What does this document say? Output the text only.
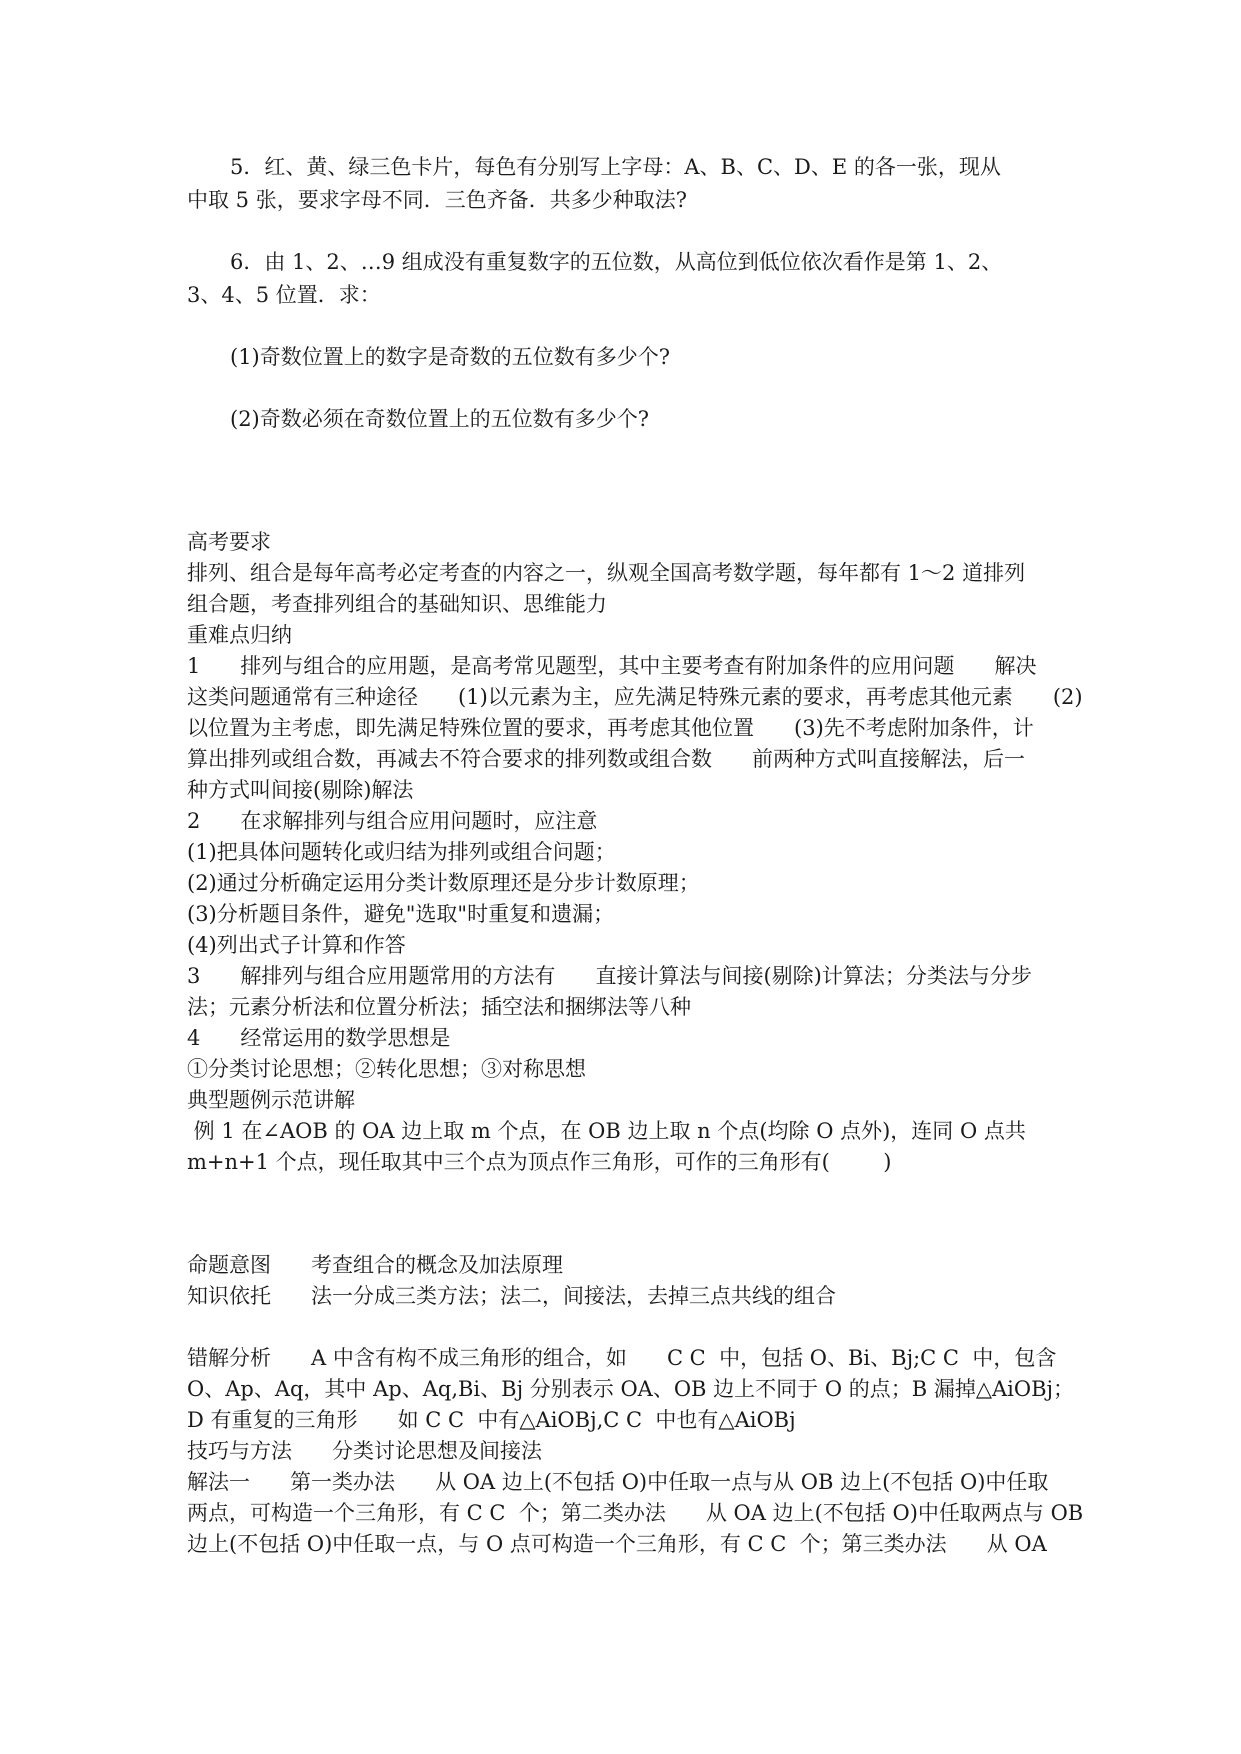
5．红、黄、绿三色卡片，每色有分别写上字母：A、B、C、D、E 的各一张，现从

中取 5 张，要求字母不同．三色齐备．共多少种取法?

6．由 1、2、…9 组成没有重复数字的五位数，从高位到低位依次看作是第 1、2、

3、4、5 位置．求：

(1)奇数位置上的数字是奇数的五位数有多少个?

(2)奇数必须在奇数位置上的五位数有多少个?

高考要求

排列、组合是每年高考必定考查的内容之一，纵观全国高考数学题，每年都有 1～2 道排列

组合题，考查排列组合的基础知识、思维能力

重难点归纳

1      排列与组合的应用题，是高考常见题型，其中主要考查有附加条件的应用问题      解决

这类问题通常有三种途径      (1)以元素为主，应先满足特殊元素的要求，再考虑其他元素      (2)

以位置为主考虑，即先满足特殊位置的要求，再考虑其他位置      (3)先不考虑附加条件，计

算出排列或组合数，再减去不符合要求的排列数或组合数      前两种方式叫直接解法，后一

种方式叫间接(剔除)解法

2      在求解排列与组合应用问题时，应注意

(1)把具体问题转化或归结为排列或组合问题；

(2)通过分析确定运用分类计数原理还是分步计数原理；

(3)分析题目条件，避免"选取"时重复和遗漏；

(4)列出式子计算和作答

3      解排列与组合应用题常用的方法有      直接计算法与间接(剔除)计算法；分类法与分步

法；元素分析法和位置分析法；插空法和捆绑法等八种

4      经常运用的数学思想是

①分类讨论思想；②转化思想；③对称思想

典型题例示范讲解

例 1 在∠AOB 的 OA 边上取 m 个点，在 OB 边上取 n 个点(均除 O 点外)，连同 O 点共

m+n+1 个点，现任取其中三个点为顶点作三角形，可作的三角形有(        )

命题意图      考查组合的概念及加法原理

知识依托      法一分成三类方法；法二，间接法，去掉三点共线的组合

错解分析      A 中含有构不成三角形的组合，如      C C  中，包括 O、Bi、Bj;C C  中，包含

O、Ap、Aq，其中 Ap、Aq,Bi、Bj 分别表示 OA、OB 边上不同于 O 的点；B 漏掉△AiOBj；

D 有重复的三角形      如 C C  中有△AiOBj,C C  中也有△AiOBj

技巧与方法      分类讨论思想及间接法

解法一      第一类办法      从 OA 边上(不包括 O)中任取一点与从 OB 边上(不包括 O)中任取

两点，可构造一个三角形，有 C C  个；第二类办法      从 OA 边上(不包括 O)中任取两点与 OB

边上(不包括 O)中任取一点，与 O 点可构造一个三角形，有 C C  个；第三类办法      从 OA
